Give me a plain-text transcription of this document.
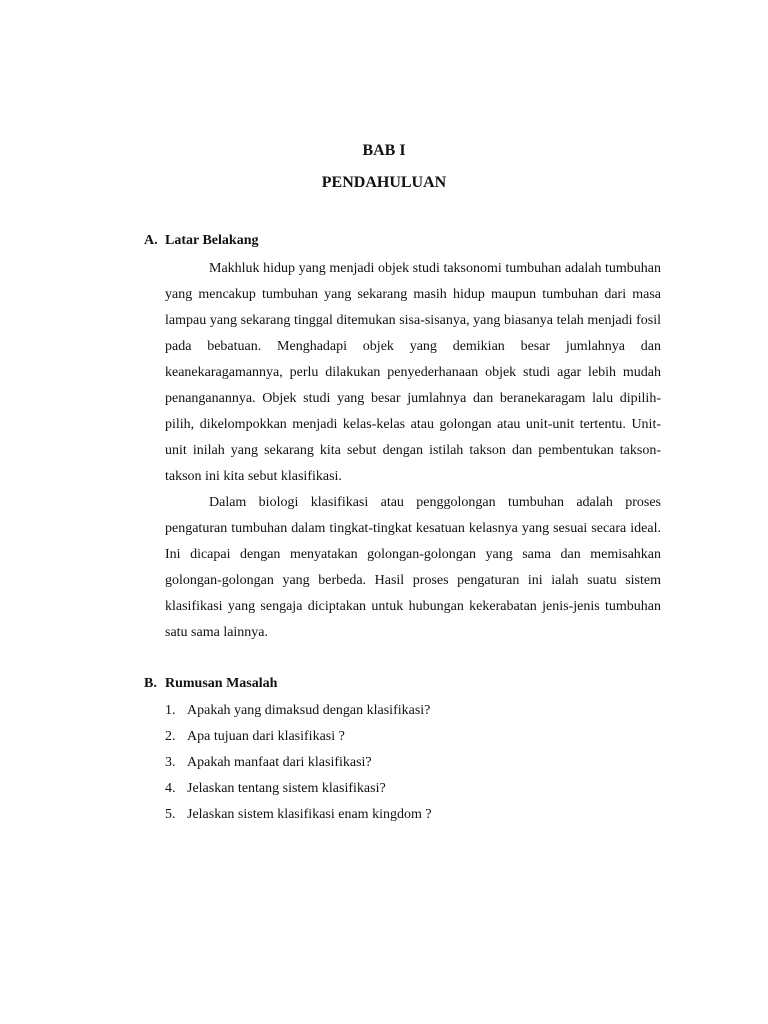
BAB I
PENDAHULUAN
A. Latar Belakang

Makhluk hidup yang menjadi objek studi taksonomi tumbuhan adalah tumbuhan yang mencakup tumbuhan yang sekarang masih hidup maupun tumbuhan dari masa lampau yang sekarang tinggal ditemukan sisa-sisanya, yang biasanya telah menjadi fosil pada bebatuan. Menghadapi objek yang demikian besar jumlahnya dan keanekaragamannya, perlu dilakukan penyederhanaan objek studi agar lebih mudah penanganannya. Objek studi yang besar jumlahnya dan beranekaragam lalu dipilih-pilih, dikelompokkan menjadi kelas-kelas atau golongan atau unit-unit tertentu. Unit-unit inilah yang sekarang kita sebut dengan istilah takson dan pembentukan takson-takson ini kita sebut klasifikasi.

Dalam biologi klasifikasi atau penggolongan tumbuhan adalah proses pengaturan tumbuhan dalam tingkat-tingkat kesatuan kelasnya yang sesuai secara ideal. Ini dicapai dengan menyatakan golongan-golongan yang sama dan memisahkan golongan-golongan yang berbeda. Hasil proses pengaturan ini ialah suatu sistem klasifikasi yang sengaja diciptakan untuk hubungan kekerabatan jenis-jenis tumbuhan satu sama lainnya.

B. Rumusan Masalah
1. Apakah yang dimaksud dengan klasifikasi?
2. Apa tujuan dari klasifikasi ?
3. Apakah manfaat dari klasifikasi?
4. Jelaskan tentang sistem klasifikasi?
5. Jelaskan sistem klasifikasi enam kingdom ?
